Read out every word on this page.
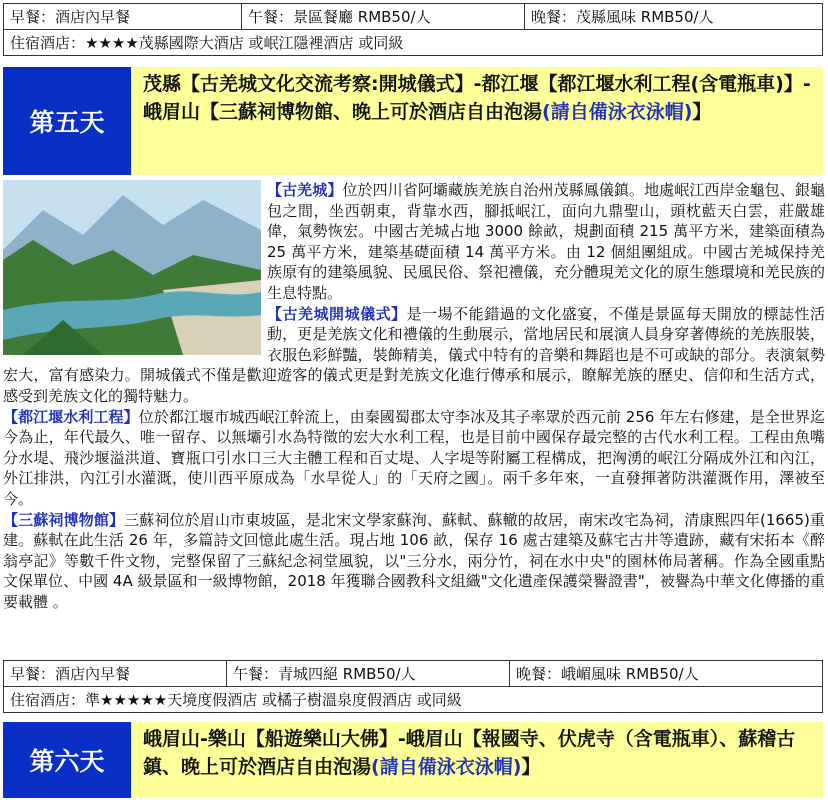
早餐：酒店內早餐	午餐：景區餐廳 RMB50/人	晚餐：茂縣風味 RMB50/人
住宿酒店：★★★★茂縣國際大酒店 或岷江隱裡酒店 或同級
第五天
茂縣【古羌城文化交流考察:開城儀式】-都江堰【都江堰水利工程(含電瓶車)】-峨眉山【三蘇祠博物館、晚上可於酒店自由泡湯(請自備泳衣泳帽)】

【古羌城】位於四川省阿壩藏族羌族自治州茂縣鳳儀鎮。地處岷江西岸金龜包、銀龜包之間，坐西朝東，背靠水西，腳抵岷江，面向九鼎聖山，頭枕藍天白雲，莊嚴雄偉，氣勢恢宏。中國古羌城占地 3000 餘畝，規劃面積 215 萬平方米，建築面積為 25 萬平方米，建築基礎面積 14 萬平方米。由 12 個組團組成。中國古羌城保持羌族原有的建築風貌、民風民俗、祭祀禮儀，充分體現羌文化的原生態環境和羌民族的生息特點。

【古羌城開城儀式】是一場不能錯過的文化盛宴，不僅是景區每天開放的標誌性活動，更是羌族文化和禮儀的生動展示，當地居民和展演人員身穿著傳統的羌族服裝，衣服色彩鮮豔，裝飾精美，儀式中特有的音樂和舞蹈也是不可或缺的部分。表演氣勢宏大，富有感染力。開城儀式不僅是歡迎遊客的儀式更是對羌族文化進行傳承和展示，瞭解羌族的歷史、信仰和生活方式，感受到羌族文化的獨特魅力。

【都江堰水利工程】位於都江堰市城西岷江幹流上，由秦國蜀郡太守李冰及其子率眾於西元前 256 年左右修建，是全世界迄今為止，年代最久、唯一留存、以無壩引水為特徵的宏大水利工程，也是目前中國保存最完整的古代水利工程。工程由魚嘴分水堤、飛沙堰溢洪道、寶瓶口引水口三大主體工程和百丈堤、人字堤等附屬工程構成，把洶湧的岷江分隔成外江和內江，外江排洪，內江引水灌溉，使川西平原成為「水旱從人」的「天府之國」。兩千多年來，一直發揮著防洪灌溉作用，澤被至今。

【三蘇祠博物館】三蘇祠位於眉山市東坡區，是北宋文學家蘇洵、蘇軾、蘇轍的故居，南宋改宅為祠，清康熙四年(1665)重建。蘇軾在此生活 26 年，多篇詩文回憶此處生活。現占地 106 畝，保存 16 處古建築及蘇宅古井等遺跡，藏有宋拓本《醉翁亭記》等數千件文物，完整保留了三蘇紀念祠堂風貌，以"三分水，兩分竹，祠在水中央"的園林佈局著稱。作為全國重點文保單位、中國 4A 級景區和一級博物館，2018 年獲聯合國教科文組織"文化遺產保護榮譽證書"，被譽為中華文化傳播的重要載體 。

早餐：酒店內早餐	午餐：青城四絕 RMB50/人	晚餐：峨嵋風味 RMB50/人
住宿酒店：準★★★★★天境度假酒店 或橘子樹溫泉度假酒店 或同級
第六天
峨眉山-樂山【船遊樂山大佛】-峨眉山【報國寺、伏虎寺（含電瓶車）、蘇稽古鎮、晚上可於酒店自由泡湯(請自備泳衣泳帽)】
